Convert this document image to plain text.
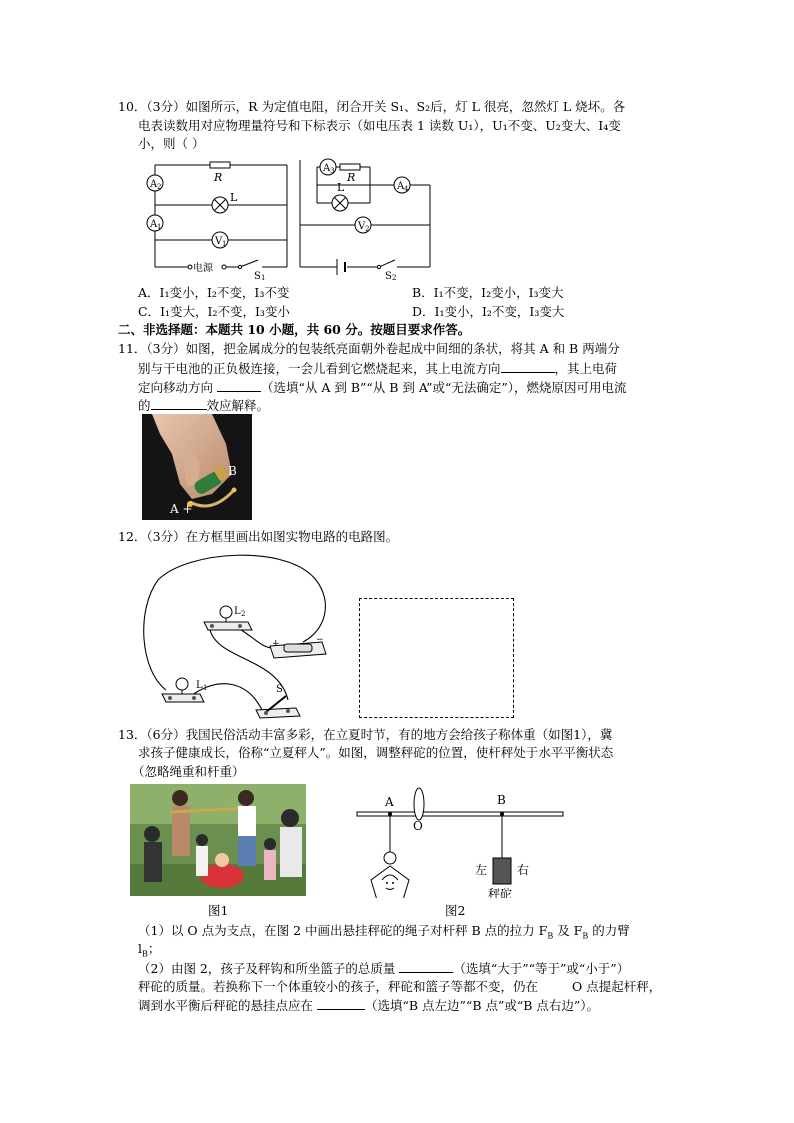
10．（3分）如图所示，R 为定值电阻，闭合开关 S₁、S₂后，灯 L 很亮，忽然灯 L 烧坏。各
电表读数用对应物理量符号和下标表示（如电压表 1 读数 U₁），U₁不变、U₂变大、I₄变
小，则（ ）
A 2
A 1
L
R
V 1
电源
S 1
A 3 R
L	A 4
V 2
S 2
A．I₁变小，I₂不变，I₃不变	B．I₁不变，I₂变小，I₃变大
C．I₁变大，I₂不变，I₃变小	D．I₁变小，I₂不变，I₃变大
二、非选择题：本题共 10 小题，共 60 分。按题目要求作答。
11．（3分）如图，把金属成分的包装纸亮面朝外卷起成中间细的条状，将其 A 和 B 两端分
别与干电池的正负极连接，一会儿看到它燃烧起来，其上电流方向	，其上电荷
定向移动方向	（选填“从 A 到 B”“从 B 到 A”或“无法确定”），燃烧原因可用电流
的	效应解释。
B
A +
12．（3分）在方框里画出如图实物电路的电路图。
L 2
+	−
L 1	S
13．（6分）我国民俗活动丰富多彩，在立夏时节，有的地方会给孩子称体重（如图1），冀
求孩子健康成长，俗称“立夏秤人”。如图，调整秤砣的位置，使杆秤处于水平平衡状态
（忽略绳重和杆重）
图1
A
O
B
左 右
秤砣
图2
（1）以 O 点为支点，在图 2 中画出悬挂秤砣的绳子对杆秤 B 点的拉力 $F_B$ 及 $F_B$ 的力臂
$l_B$；
（2）由图 2，孩子及秤钩和所坐篮子的总质量	（选填“大于”“等于”或“小于”）
秤砣的质量。若换称下一个体重较小的孩子，秤砣和篮子等都不变，仍在	O 点提起杆秤，
调到水平衡后秤砣的悬挂点应在	（选填“B 点左边”“B 点”或“B 点右边”）。
